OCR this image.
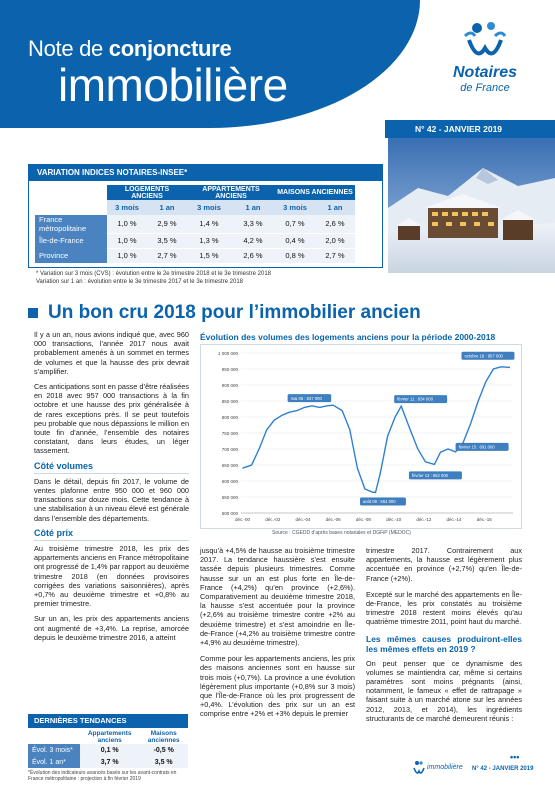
Note de conjoncture
immobilière	Notaires
de France
N° 42 - JANVIER 2019
VARIATION INDICES NOTAIRES-INSEE*
	LOGEMENTS ANCIENS		APPARTEMENTS ANCIENS		MAISONS ANCIENNES	
	3 mois	1 an	3 mois	1 an	3 mois	1 an
France métropolitaine	1,0 %	2,9 %	1,4 %	3,3 %	0,7 %	2,6 %
Île-de-France	1,0 %	3,5 %	1,3 %	4,2 %	0,4 %	2,0 %
Province	1,0 %	2,7 %	1,5 %	2,6 %	0,8 %	2,7 %
* Variation sur 3 mois (CVS) : évolution entre le 2e trimestre 2018 et le 3e trimestre 2018
Variation sur 1 an : évolution entre le 3e trimestre 2017 et le 3e trimestre 2018
Un bon cru 2018 pour l’immobilier ancien

Il y a un an, nous avions indiqué que, avec 960 000 transactions, l’année 2017 nous avait probablement amenés à un sommet en termes de volumes et que la hausse des prix devrait s’amplifier.

Ces anticipations sont en passe d’être réalisées en 2018 avec 957 000 transactions à la fin octobre et une hausse des prix généralisée à de rares exceptions près. Il se peut toutefois peu probable que nous dépassions le million en toute fin d’année, l’ensemble des notaires constatant, dans leurs études, un léger tassement.

Côté volumes

Dans le détail, depuis fin 2017, le volume de ventes plafonne entre 950 000 et 960 000 transactions sur douze mois. Cette tendance à une stabilisation à un niveau élevé est générale dans l’ensemble des départements.

Côté prix

Au troisième trimestre 2018, les prix des appartements anciens en France métropolitaine ont progressé de 1,4% par rapport au deuxième trimestre 2018 (en données provisoires corrigées des variations saisonnières), après +0,7% au deuxième trimestre et +0,8% au premier trimestre.

Sur un an, les prix des appartements anciens ont augmenté de +3,4%. La reprise, amorcée depuis le deuxième trimestre 2016, a atteint

DERNIÈRES TENDANCES
	Appartements anciens	Maisons anciennes
Évol. 3 mois*	0,1 %	-0,5 %
Évol. 1 an*	3,7 %	3,5 %
*Évolution des indicateurs avancés basés sur les avant-contrats en France métropolitaine : projection à fin février 2019
Évolution des volumes des logements anciens pour la période 2000-2018
1 000 000
950 000
900 000
850 000
800 000
750 000
700 000
650 000
600 000
550 000
500 000
déc.-00	déc.-02	déc.-04	déc.-06	déc.-08	déc.-10	déc.-12	déc.-14	déc.-16
mai 06 : 837 000	février 11 : 834 000
août 09 : 564 000
février 13 : 652 000
février 15 : 691 000
octobre 18 : 957 000
Source : CGEDD d’après bases notariales et DGFiP (MEDOC)

jusqu’à +4,5% de hausse au troisième trimestre 2017. La tendance haussière s’est ensuite tassée depuis plusieurs trimestres. Comme hausse sur un an est plus forte en Île-de-France (+4,2%) qu’en province (+2,6%). Comparativement au deuxième trimestre 2018, la hausse s’est accentuée pour la province (+2,6% au troisième trimestre contre +2% au deuxième trimestre) et s’est amoindrie en Île-de-France (+4,2% au troisième trimestre contre +4,9% au deuxième trimestre).

Comme pour les appartements anciens, les prix des maisons anciennes sont en hausse sur trois mois (+0,7%). La province a une évolution légèrement plus importante (+0,8% sur 3 mois) que l’Île-de-France où les prix progressent de +0,4%. L’évolution des prix sur un an est comprise entre +2% et +3% depuis le premier

trimestre 2017. Contrairement aux appartements, la hausse est légèrement plus accentuée en province (+2,7%) qu’en Île-de-France (+2%).

Excepté sur le marché des appartements en Île-de-France, les prix constatés au troisième trimestre 2018 restent moins élevés qu’au quatrième trimestre 2011, point haut du marché.

Les mêmes causes produiront-elles les mêmes effets en 2019 ?

On peut penser que ce dynamisme des volumes se maintiendra car, même si certains paramètres sont moins prégnants (ainsi, notamment, le fameux « effet de rattrapage » faisant suite à un marché atone sur les années 2012, 2013, et 2014), les ingrédients structurants de ce marché demeurent réunis :

•••
immobilière N° 42 - JANVIER 2019
